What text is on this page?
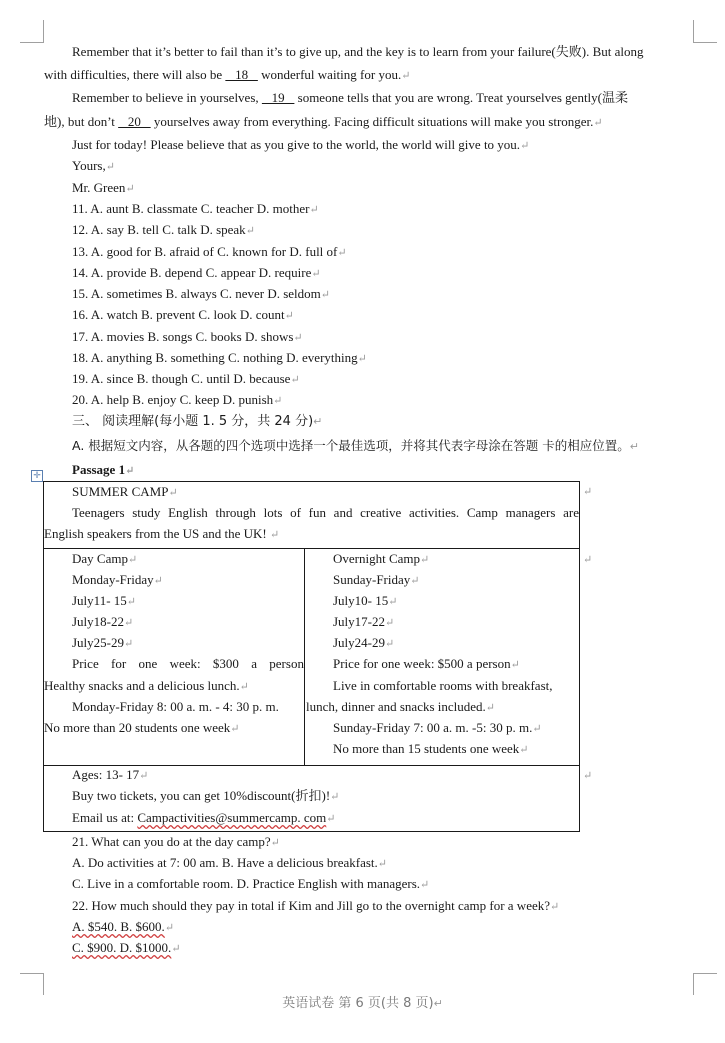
Remember that it’s better to fail than it’s to give up, and the key is to learn from your failure(失败). But along
with difficulties, there will also be    18    wonderful waiting for you.↵
Remember to believe in yourselves,    19    someone tells that you are wrong. Treat yourselves gently(温柔
地), but don’t    20    yourselves away from everything. Facing difficult situations will make you stronger.↵
Just for today! Please believe that as you give to the world, the world will give to you.↵
Yours,↵
Mr. Green↵
11. A. aunt B. classmate C. teacher D. mother↵
12. A. say B. tell C. talk D. speak↵
13. A. good for B. afraid of C. known for D. full of↵
14. A. provide B. depend C. appear D. require↵
15. A. sometimes B. always C. never D. seldom↵
16. A. watch B. prevent C. look D. count↵
17. A. movies B. songs C. books D. shows↵
18. A. anything B. something C. nothing D. everything↵
19. A. since B. though C. until D. because↵
20. A. help B. enjoy C. keep D. punish↵
三、 阅读理解(每小题 1. 5 分，共 24 分)↵
A. 根据短文内容，从各题的四个选项中选择一个最佳选项，并将其代表字母涂在答题 卡的相应位置。↵
✛ Passage 1↵
↵
↵
↵
SUMMER CAMP↵
Teenagers study English through lots of fun and creative activities. Camp managers are
English speakers from the US and the UK! ↵
Day Camp↵
Monday-Friday↵
July11- 15↵
July18-22↵
July25-29↵
Price for one week: $300 a person
Healthy snacks and a delicious lunch.↵
Monday-Friday 8: 00 a. m. - 4: 30 p. m.
No more than 20 students one week↵
Overnight Camp↵
Sunday-Friday↵
July10- 15↵
July17-22↵
July24-29↵
Price for one week: $500 a person↵
Live in comfortable rooms with breakfast,
lunch, dinner and snacks included.↵
Sunday-Friday 7: 00 a. m. -5: 30 p. m.↵
No more than 15 students one week↵
Ages: 13- 17↵
Buy two tickets, you can get 10%discount(折扣)!↵
Email us at: Campactivities@summercamp. com↵
21. What can you do at the day camp?↵
A. Do activities at 7: 00 am. B. Have a delicious breakfast.↵
C. Live in a comfortable room. D. Practice English with managers.↵
22. How much should they pay in total if Kim and Jill go to the overnight camp for a week?↵
A. $540. B. $600.↵
C. $900. D. $1000.↵
英语试卷 第 6 页(共 8 页)↵
